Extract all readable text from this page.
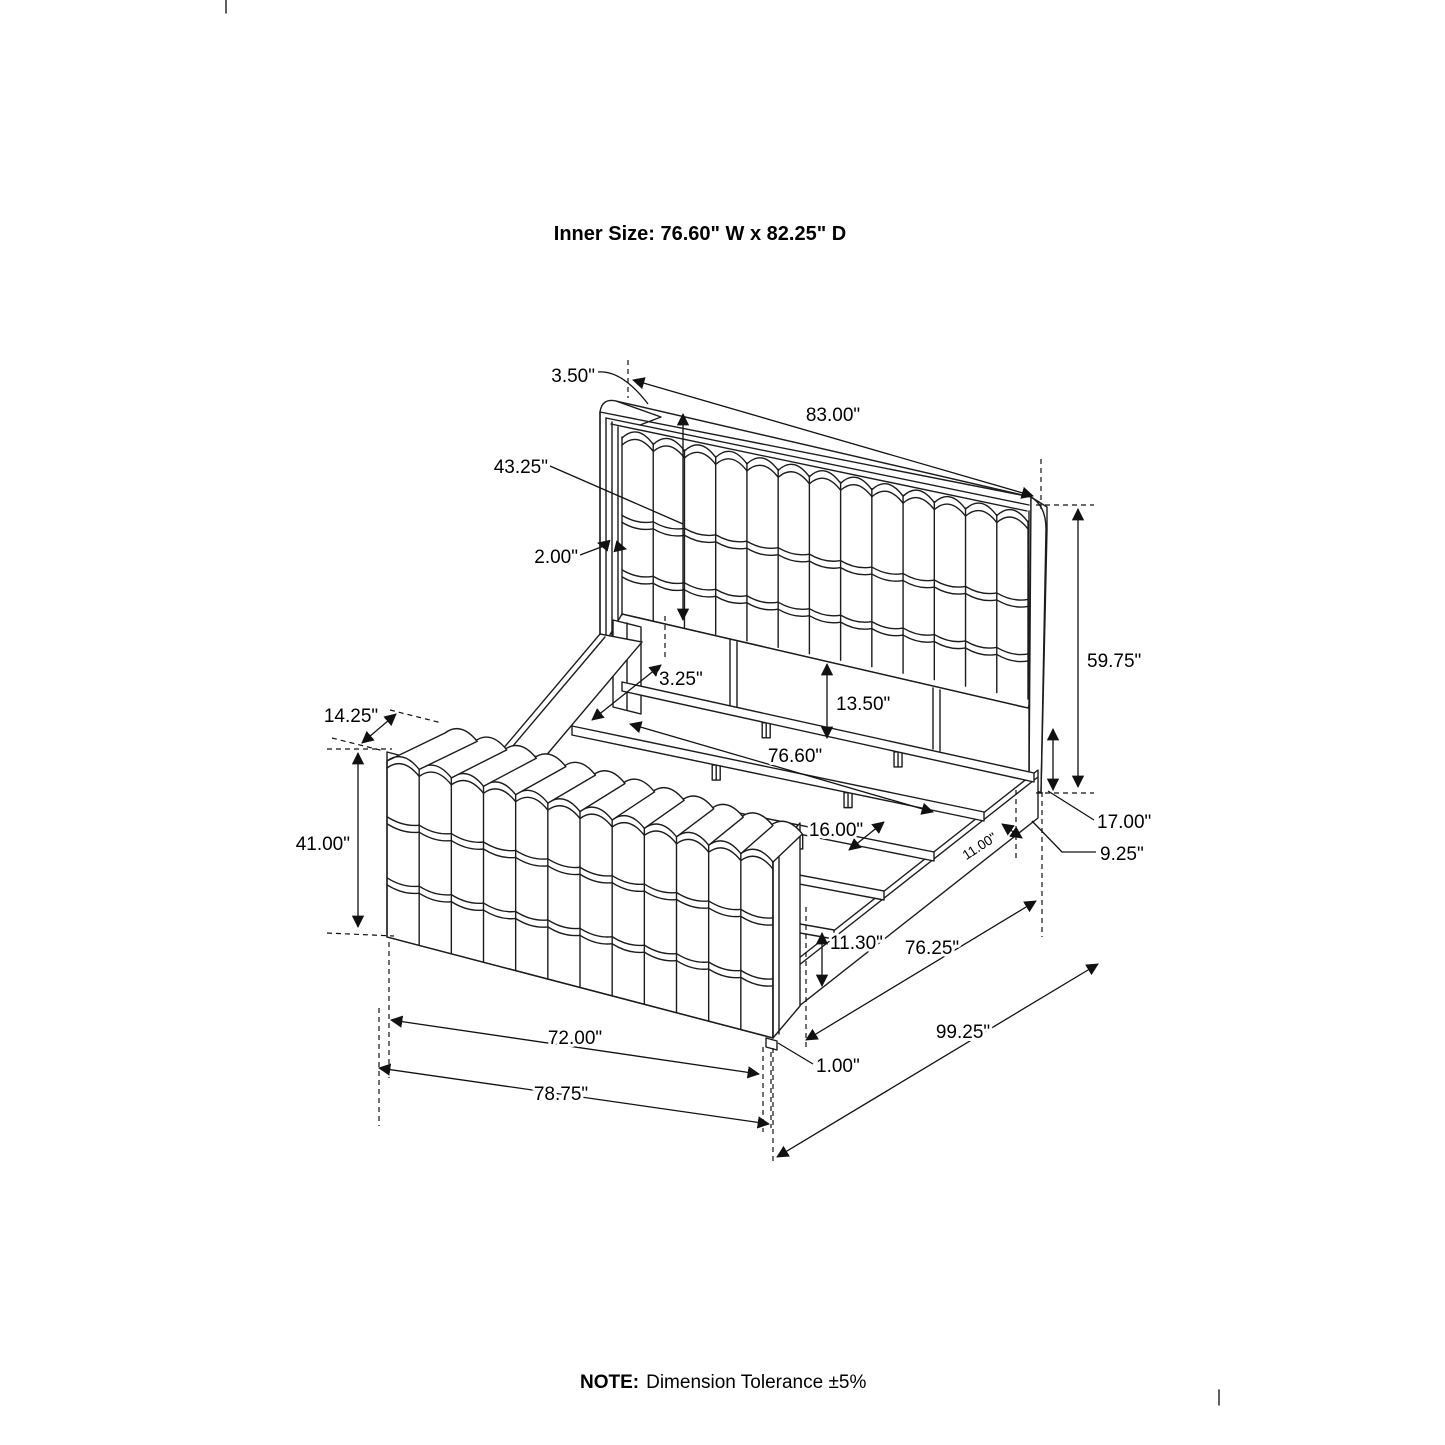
Inner Size: 76.60" W x 82.25" D
3.50"
83.00"
43.25"
2.00"
59.75"
17.00"
9.25"
11.00"
13.50"
76.60"
16.00"
11.30" 76.25"
99.25"
1.00"
72.00"
78.75"
14.25"
41.00"
3.25"
NOTE: Dimension Tolerance ±5%
